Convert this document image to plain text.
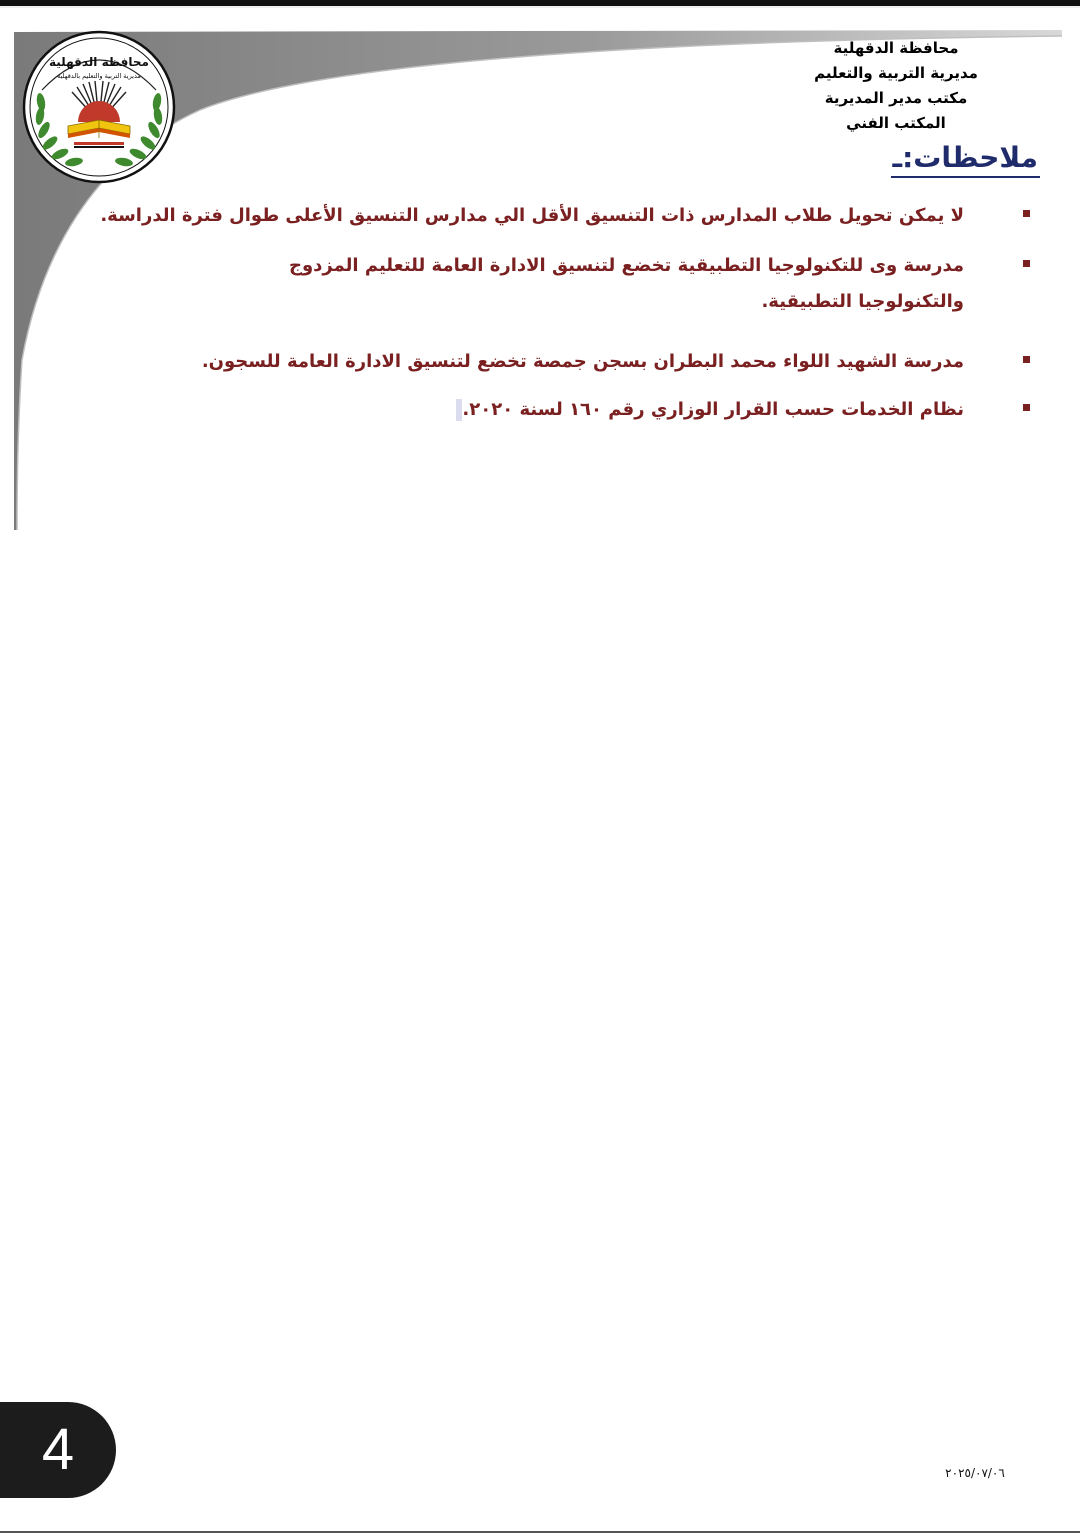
محافظة الدقهلية
مديرية التربية والتعليم بالدقهلية
محافظة الدقهلية
مديرية التربية والتعليم
مكتب مدير المديرية
المكتب الفني
ملاحظات:ـ
لا يمكن تحويل طلاب المدارس ذات التنسيق الأقل الي مدارس التنسيق الأعلى طوال فترة الدراسة.
مدرسة وى للتكنولوجيا التطبيقية تخضع لتنسيق الادارة العامة للتعليم المزدوج
والتكنولوجيا التطبيقية.
مدرسة الشهيد اللواء محمد البطران بسجن جمصة تخضع لتنسيق الادارة العامة للسجون.
نظام الخدمات حسب القرار الوزاري رقم ١٦٠ لسنة ٢٠٢٠.
4	٢٠٢٥/٠٧/٠٦
